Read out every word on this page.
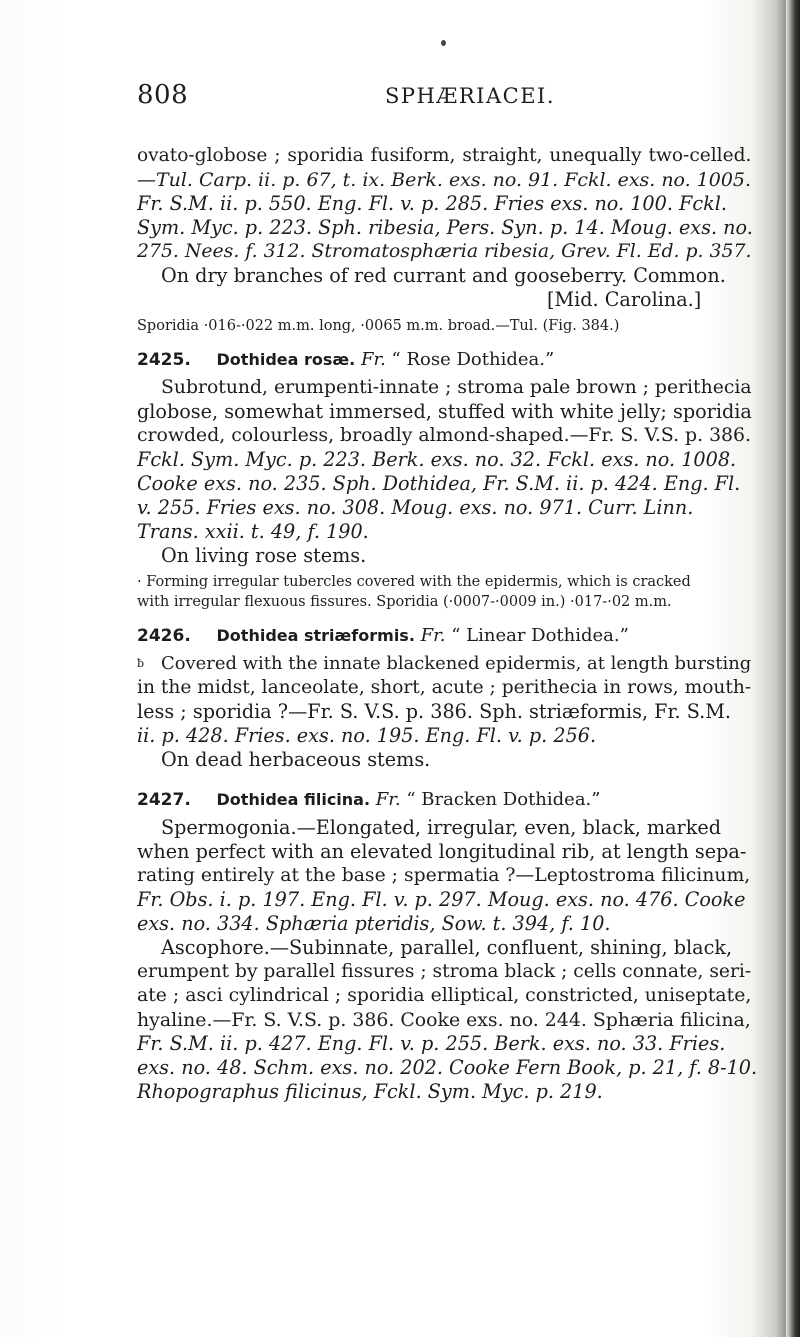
808	SPHÆRIACEI.
ovato-globose ; sporidia fusiform, straight, unequally two-celled.
—Tul. Carp. ii. p. 67, t. ix. Berk. exs. no. 91. Fckl. exs. no. 1005.
Fr. S.M. ii. p. 550. Eng. Fl. v. p. 285. Fries exs. no. 100. Fckl.
Sym. Myc. p. 223. Sph. ribesia, Pers. Syn. p. 14. Moug. exs. no.
275. Nees. f. 312. Stromatosphæria ribesia, Grev. Fl. Ed. p. 357.
On dry branches of red currant and gooseberry. Common.
[Mid. Carolina.]
Sporidia ·016-·022 m.m. long, ·0065 m.m. broad.—Tul. (Fig. 384.)
2425. Dothidea rosæ. Fr. “ Rose Dothidea.”
Subrotund, erumpenti-innate ; stroma pale brown ; perithecia
globose, somewhat immersed, stuffed with white jelly; sporidia
crowded, colourless, broadly almond-shaped.—Fr. S. V.S. p. 386.
Fckl. Sym. Myc. p. 223. Berk. exs. no. 32. Fckl. exs. no. 1008.
Cooke exs. no. 235. Sph. Dothidea, Fr. S.M. ii. p. 424. Eng. Fl.
v. 255. Fries exs. no. 308. Moug. exs. no. 971. Curr. Linn.
Trans. xxii. t. 49, f. 190.
On living rose stems.
· Forming irregular tubercles covered with the epidermis, which is cracked
with irregular flexuous fissures. Sporidia (·0007-·0009 in.) ·017-·02 m.m.
2426. Dothidea striæformis. Fr. “ Linear Dothidea.”
ƀ Covered with the innate blackened epidermis, at length bursting
in the midst, lanceolate, short, acute ; perithecia in rows, mouth-
less ; sporidia ?—Fr. S. V.S. p. 386. Sph. striæformis, Fr. S.M.
ii. p. 428. Fries. exs. no. 195. Eng. Fl. v. p. 256.
On dead herbaceous stems.
2427. Dothidea filicina. Fr. “ Bracken Dothidea.”
Spermogonia.—Elongated, irregular, even, black, marked
when perfect with an elevated longitudinal rib, at length sepa-
rating entirely at the base ; spermatia ?—Leptostroma filicinum,
Fr. Obs. i. p. 197. Eng. Fl. v. p. 297. Moug. exs. no. 476. Cooke
exs. no. 334. Sphæria pteridis, Sow. t. 394, f. 10.
Ascophore.—Subinnate, parallel, confluent, shining, black,
erumpent by parallel fissures ; stroma black ; cells connate, seri-
ate ; asci cylindrical ; sporidia elliptical, constricted, uniseptate,
hyaline.—Fr. S. V.S. p. 386. Cooke exs. no. 244. Sphæria filicina,
Fr. S.M. ii. p. 427. Eng. Fl. v. p. 255. Berk. exs. no. 33. Fries.
exs. no. 48. Schm. exs. no. 202. Cooke Fern Book, p. 21, f. 8-10.
Rhopographus filicinus, Fckl. Sym. Myc. p. 219.
